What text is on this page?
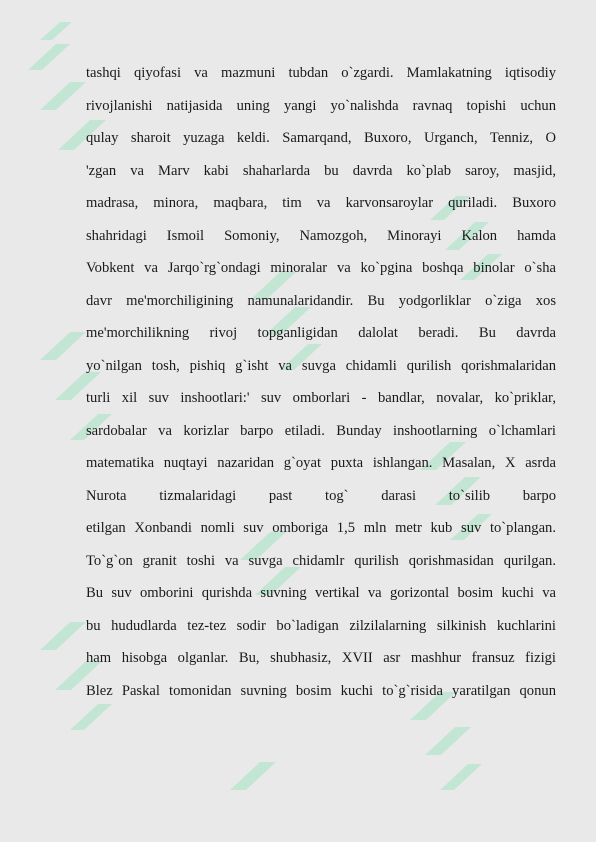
tashqi qiyofasi va mazmuni tubdan o`zgardi. Mamlakatning iqtisodiy
rivojlanishi natijasida uning yangi yo`nalishda ravnaq topishi uchun
qulay sharoit yuzaga keldi. Samarqand, Buxoro, Urganch, Tenniz, O
'zgan va Marv kabi shaharlarda bu davrda ko`plab saroy, masjid,
madrasa, minora, maqbara, tim va karvonsaroylar quriladi. Buxoro
shahridagi Ismoil Somoniy, Namozgoh, Minorayi Kalon hamda
Vobkent va Jarqo`rg`ondagi minoralar va ko`pgina boshqa binolar o`sha
davr me'morchiligining namunalaridandir. Bu yodgorliklar o`ziga xos
me'morchilikning rivoj topganligidan dalolat beradi. Bu davrda
yo`nilgan tosh, pishiq g`isht va suvga chidamli qurilish qorishmalaridan
turli xil suv inshootlari:' suv omborlari - bandlar, novalar, ko`priklar,
sardobalar va korizlar barpo etiladi. Bunday inshootlarning o`lchamlari
matematika nuqtayi nazaridan g`oyat puxta ishlangan. Masalan, X asrda
Nurota tizmalaridagi past tog` darasi to`silib barpo
etilgan Xonbandi nomli suv omboriga 1,5 mln metr kub suv to`plangan.
To`g`on granit toshi va suvga chidamlr qurilish qorishmasidan qurilgan.
Bu suv omborini qurishda suvning vertikal va gorizontal bosim kuchi va
bu hududlarda tez-tez sodir bo`ladigan zilzilalarning silkinish kuchlarini
ham hisobga olganlar. Bu, shubhasiz, XVII asr mashhur fransuz fizigi
Blez Paskal tomonidan suvning bosim kuchi to`g`risida yaratilgan qonun
